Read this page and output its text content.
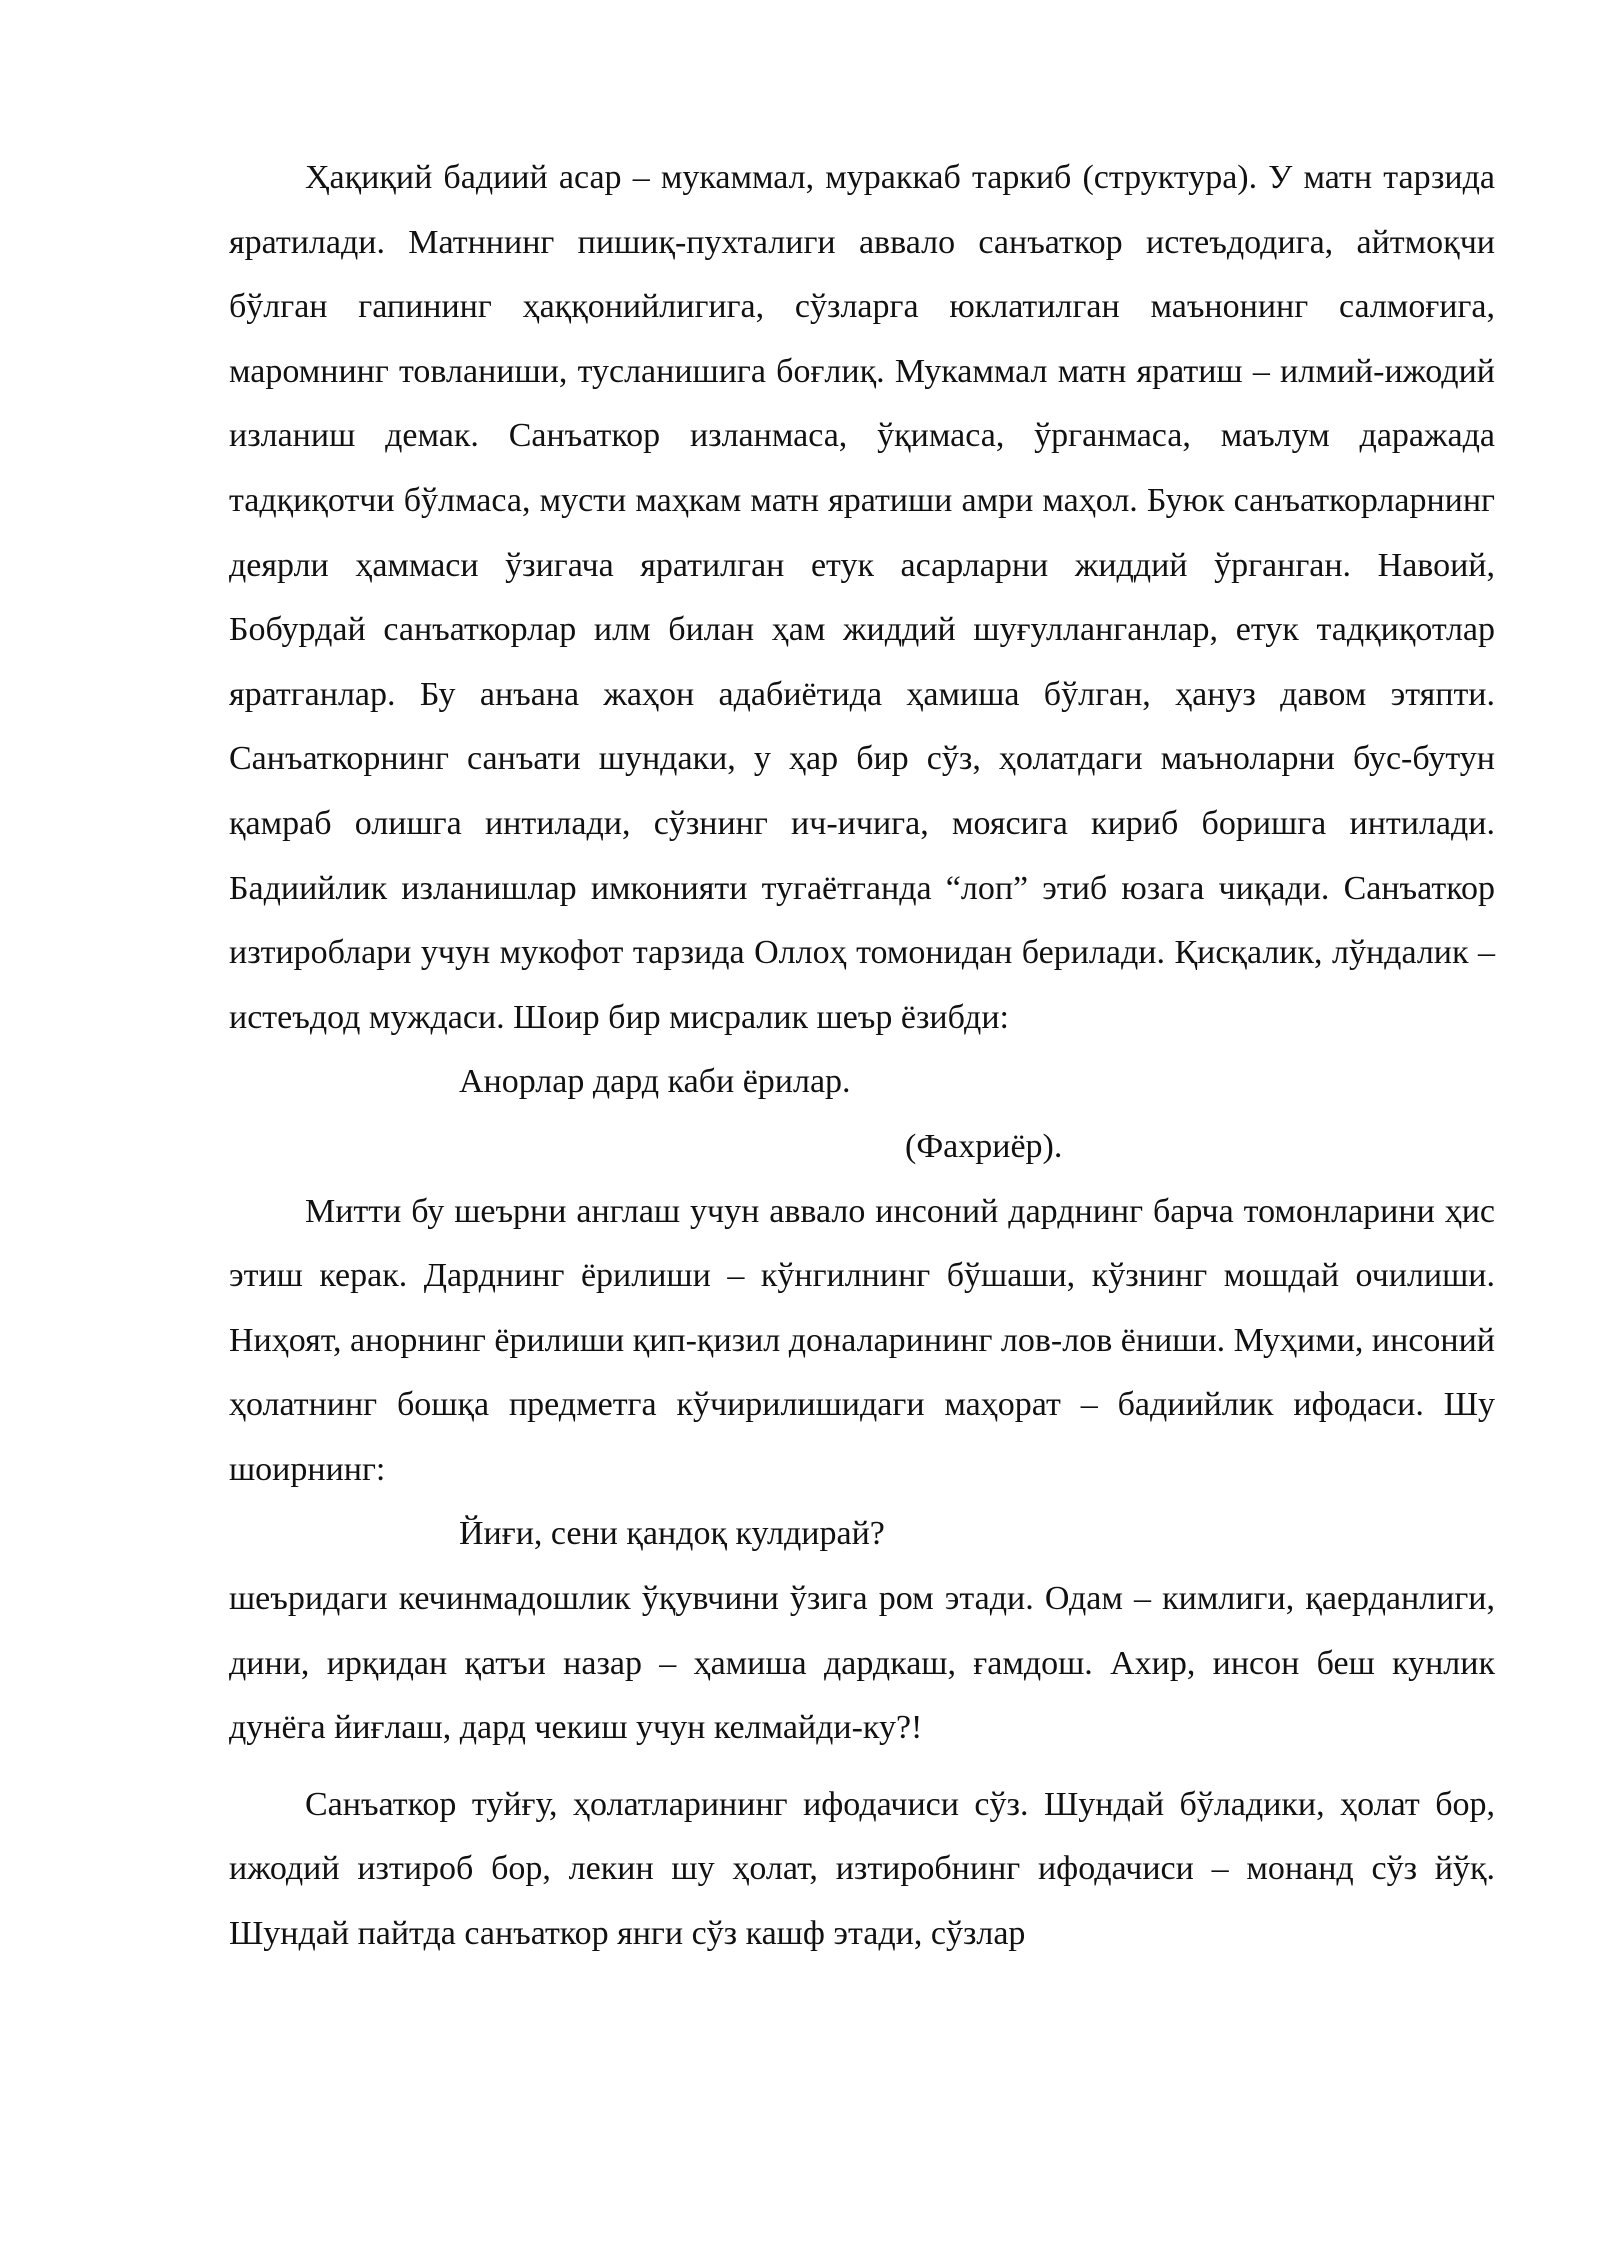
Ҳақиқий бадиий асар – мукаммал, мураккаб таркиб (структура). У матн тарзида яратилади. Матннинг пишиқ-пухталиги аввало санъаткор истеъдодига, айтмоқчи бўлган гапининг ҳаққонийлигига, сўзларга юклатилган маънонинг салмоғига, маромнинг товланиши, тусланишига боғлиқ. Мукаммал матн яратиш – илмий-ижодий изланиш демак. Санъаткор изланмаса, ўқимаса, ўрганмаса, маълум даражада тадқиқотчи бўлмаса, мусти маҳкам матн яратиши амри маҳол. Буюк санъаткорларнинг деярли ҳаммаси ўзигача яратилган етук асарларни жиддий ўрганган. Навоий, Бобурдай санъаткорлар илм билан ҳам жиддий шуғулланганлар, етук тадқиқотлар яратганлар. Бу анъана жаҳон адабиётида ҳамиша бўлган, ҳануз давом этяпти. Санъаткорнинг санъати шундаки, у ҳар бир сўз, ҳолатдаги маъноларни бус-бутун қамраб олишга интилади, сўзнинг ич-ичига, моясига кириб боришга интилади. Бадиийлик изланишлар имконияти тугаётганда “лоп” этиб юзага чиқади. Санъаткор изтироблари учун мукофот тарзида Оллоҳ томонидан берилади. Қисқалик, лўндалик – истеъдод муждаси. Шоир бир мисралик шеър ёзибди:

Анорлар дард каби ёрилар.

(Фахриёр).

Митти бу шеърни англаш учун аввало инсоний дарднинг барча томонларини ҳис этиш керак. Дарднинг ёрилиши – кўнгилнинг бўшаши, кўзнинг мошдай очилиши. Ниҳоят, анорнинг ёрилиши қип-қизил доналарининг лов-лов ёниши. Муҳими, инсоний ҳолатнинг бошқа предметга кўчирилишидаги маҳорат – бадиийлик ифодаси. Шу шоирнинг:

Йиғи, сени қандоқ кулдирай?

шеъридаги кечинмадошлик ўқувчини ўзига ром этади. Одам – кимлиги, қаерданлиги, дини, ирқидан қатъи назар – ҳамиша дардкаш, ғамдош. Ахир, инсон беш кунлик дунёга йиғлаш, дард чекиш учун келмайди-ку?!

Санъаткор туйғу, ҳолатларининг ифодачиси сўз. Шундай бўладики, ҳолат бор, ижодий изтироб бор, лекин шу ҳолат, изтиробнинг ифодачиси – монанд сўз йўқ. Шундай пайтда санъаткор янги сўз кашф этади, сўзлар
